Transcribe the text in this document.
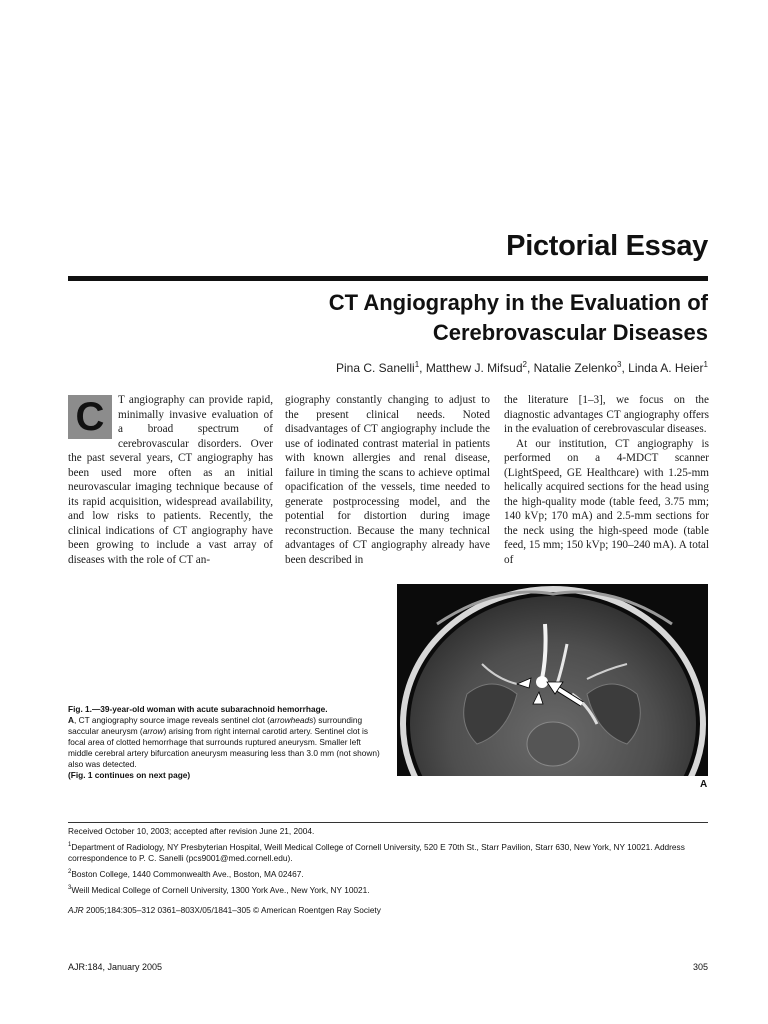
Pictorial Essay
CT Angiography in the Evaluation of Cerebrovascular Diseases
Pina C. Sanelli$^1$, Matthew J. Mifsud$^2$, Natalie Zelenko$^3$, Linda A. Heier$^1$
C	T angiography can provide rapid, minimally invasive evaluation of a broad spectrum of cerebrovascular disorders. Over the past several years, CT angiography has been used more often as an initial neurovascular imaging technique because of its rapid acquisition, widespread availability, and low risks to patients. Recently, the clinical indications of CT angiography have been growing to include a vast array of diseases with the role of CT an-

giography constantly changing to adjust to the present clinical needs. Noted disadvantages of CT angiography include the use of iodinated contrast material in patients with known allergies and renal disease, failure in timing the scans to achieve optimal opacification of the vessels, time needed to generate postprocessing model, and the potential for distortion during image reconstruction. Because the many technical advantages of CT angiography already have been described in

the literature [1–3], we focus on the diagnostic advantages CT angiography offers in the evaluation of cerebrovascular diseases.

At our institution, CT angiography is performed on a 4-MDCT scanner (LightSpeed, GE Healthcare) with 1.25-mm helically acquired sections for the head using the high-quality mode (table feed, 3.75 mm; 140 kVp; 170 mA) and 2.5-mm sections for the neck using the high-speed mode (table feed, 15 mm; 150 kVp; 190–240 mA). A total of

Fig. 1.—39-year-old woman with acute subarachnoid hemorrhage.
A, CT angiography source image reveals sentinel clot (arrowheads) surrounding saccular aneurysm (arrow) arising from right internal carotid artery. Sentinel clot is focal area of clotted hemorrhage that surrounds ruptured aneurysm. Smaller left middle cerebral artery bifurcation aneurysm measuring less than 3.0 mm (not shown) also was detected.
(Fig. 1 continues on next page)
A

Received October 10, 2003; accepted after revision June 21, 2004.

$^1$Department of Radiology, NY Presbyterian Hospital, Weill Medical College of Cornell University, 520 E 70th St., Starr Pavilion, Starr 630, New York, NY 10021. Address correspondence to P. C. Sanelli (pcs9001@med.cornell.edu).

$^2$Boston College, 1440 Commonwealth Ave., Boston, MA 02467.

$^3$Weill Medical College of Cornell University, 1300 York Ave., New York, NY 10021.

AJR 2005;184:305–312 0361–803X/05/1841–305 © American Roentgen Ray Society

AJR:184, January 2005	305
